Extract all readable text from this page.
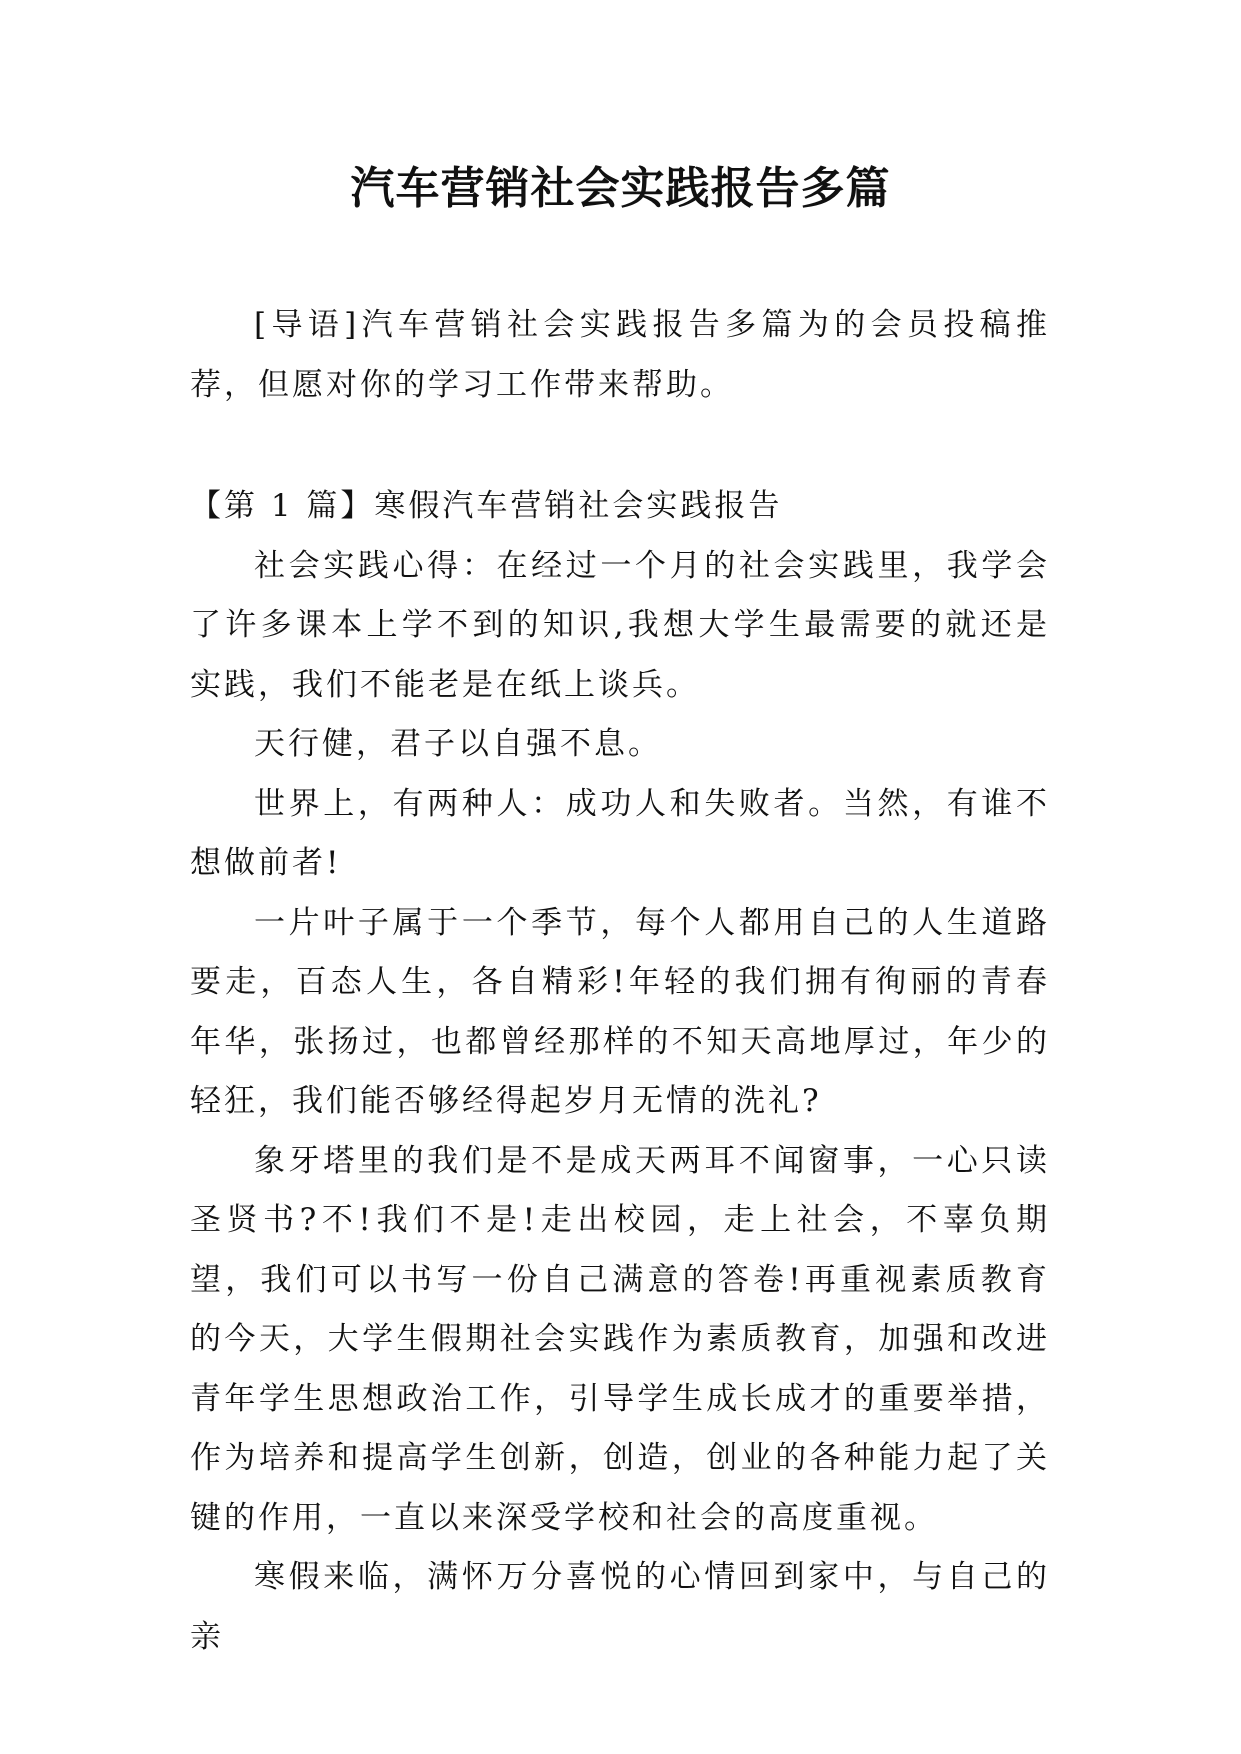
汽车营销社会实践报告多篇

[导语]汽车营销社会实践报告多篇为的会员投稿推荐，但愿对你的学习工作带来帮助。

【第 1 篇】寒假汽车营销社会实践报告

社会实践心得：在经过一个月的社会实践里，我学会了许多课本上学不到的知识,我想大学生最需要的就还是实践，我们不能老是在纸上谈兵。

天行健，君子以自强不息。

世界上，有两种人：成功人和失败者。当然，有谁不想做前者!

一片叶子属于一个季节，每个人都用自己的人生道路要走，百态人生，各自精彩!年轻的我们拥有徇丽的青春年华，张扬过，也都曾经那样的不知天高地厚过，年少的轻狂，我们能否够经得起岁月无情的洗礼?

象牙塔里的我们是不是成天两耳不闻窗事，一心只读圣贤书?不!我们不是!走出校园，走上社会，不辜负期望，我们可以书写一份自己满意的答卷!再重视素质教育的今天，大学生假期社会实践作为素质教育，加强和改进青年学生思想政治工作，引导学生成长成才的重要举措，作为培养和提高学生创新，创造，创业的各种能力起了关键的作用，一直以来深受学校和社会的高度重视。

寒假来临，满怀万分喜悦的心情回到家中，与自己的亲
